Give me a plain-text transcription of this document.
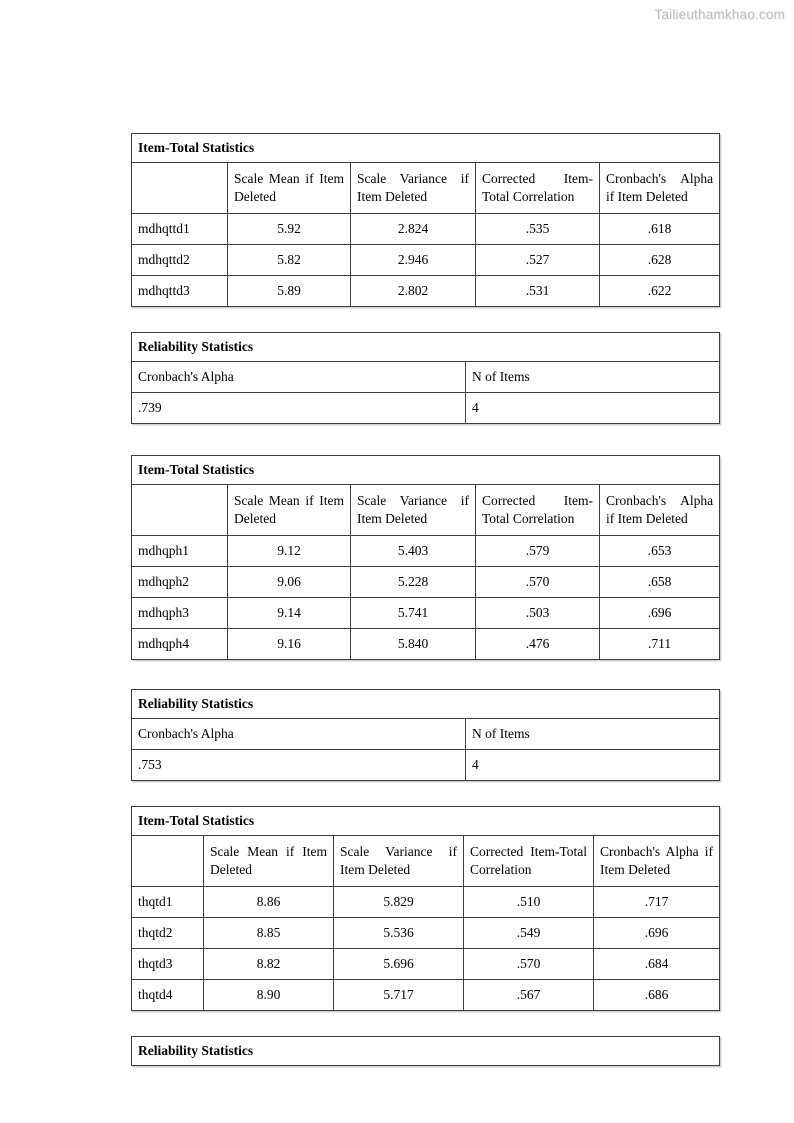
Tailieuthamkhao.com
Item-Total Statistics				
	Scale Mean if Item Deleted	Scale Variance if Item Deleted	Corrected Item-Total Correlation	Cronbach's Alpha if Item Deleted
mdhqttd1	5.92	2.824	.535	.618
mdhqttd2	5.82	2.946	.527	.628
mdhqttd3	5.89	2.802	.531	.622
Reliability Statistics	
Cronbach's Alpha	N of Items
.739	4
Item-Total Statistics				
	Scale Mean if Item Deleted	Scale Variance if Item Deleted	Corrected Item-Total Correlation	Cronbach's Alpha if Item Deleted
mdhqph1	9.12	5.403	.579	.653
mdhqph2	9.06	5.228	.570	.658
mdhqph3	9.14	5.741	.503	.696
mdhqph4	9.16	5.840	.476	.711
Reliability Statistics	
Cronbach's Alpha	N of Items
.753	4
Item-Total Statistics				
	Scale Mean if Item Deleted	Scale Variance if Item Deleted	Corrected Item-Total Correlation	Cronbach's Alpha if Item Deleted
thqtd1	8.86	5.829	.510	.717
thqtd2	8.85	5.536	.549	.696
thqtd3	8.82	5.696	.570	.684
thqtd4	8.90	5.717	.567	.686
Reliability Statistics
